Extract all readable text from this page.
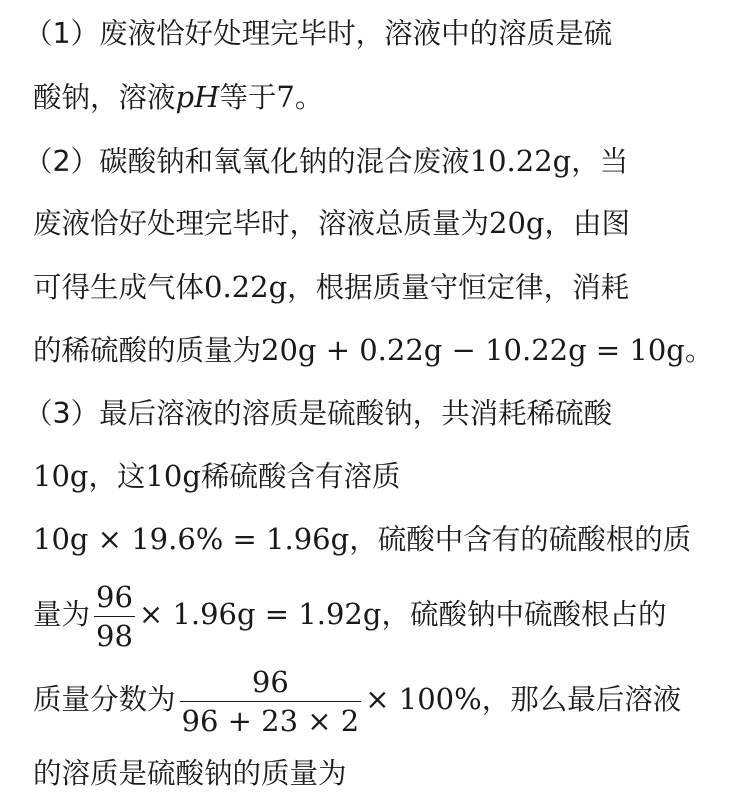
（1）废液恰好处理完毕时，溶液中的溶质是硫
酸钠，溶液pH等于7。
（2）碳酸钠和氧氧化钠的混合废液10.22g，当
废液恰好处理完毕时，溶液总质量为20g，由图
可得生成气体0.22g，根据质量守恒定律，消耗
的稀硫酸的质量为20g + 0.22g − 10.22g = 10g。
（3）最后溶液的溶质是硫酸钠，共消耗稀硫酸
10g，这10g稀硫酸含有溶质
10g × 19.6% = 1.96g，硫酸中含有的硫酸根的质
量为 $\frac{96}{98} \times 1.96g = 1.92g$，硫酸钠中硫酸根占的
质量分数为 $\frac{96}{96 + 23 \times 2} \times 100\%$，那么最后溶液
的溶质是硫酸钠的质量为
